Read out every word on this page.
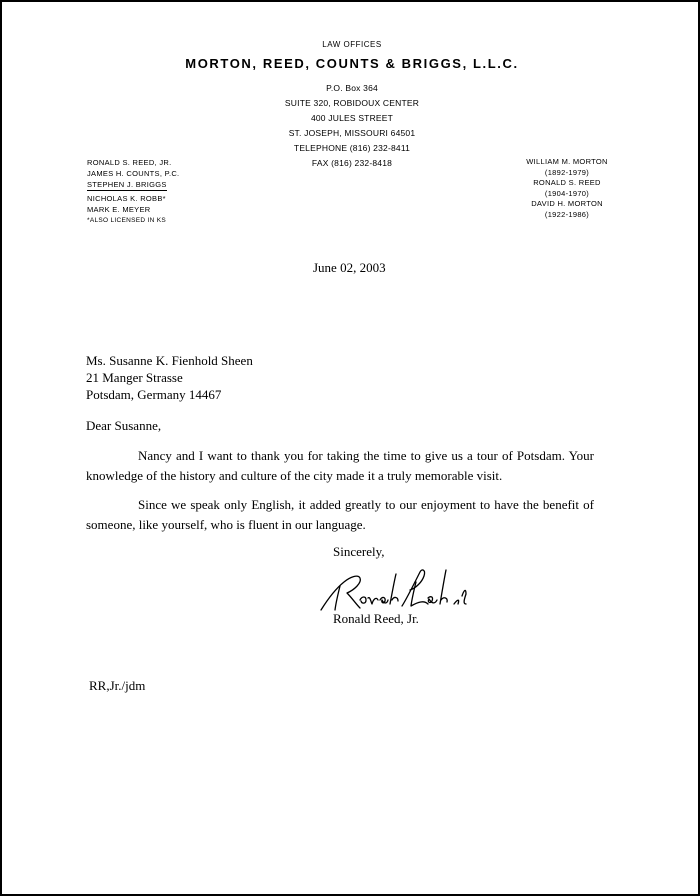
LAW OFFICES
MORTON, REED, COUNTS & BRIGGS, L.L.C.
P.O. Box 364
SUITE 320, ROBIDOUX CENTER
400 JULES STREET
ST. JOSEPH, MISSOURI 64501
TELEPHONE (816) 232-8411
FAX (816) 232-8418
RONALD S. REED, JR.
JAMES H. COUNTS, P.C.
STEPHEN J. BRIGGS
NICHOLAS K. ROBB*
MARK E. MEYER
*ALSO LICENSED IN KS
WILLIAM M. MORTON
(1892-1979)
RONALD S. REED
(1904-1970)
DAVID H. MORTON
(1922-1986)
June 02, 2003
Ms. Susanne K. Fienhold Sheen
21 Manger Strasse
Potsdam, Germany 14467
Dear Susanne,
Nancy and I want to thank you for taking the time to give us a tour of Potsdam. Your knowledge of the history and culture of the city made it a truly memorable visit.
Since we speak only English, it added greatly to our enjoyment to have the benefit of someone, like yourself, who is fluent in our language.
Sincerely,
Ronald Reed, Jr.
RR,Jr./jdm
